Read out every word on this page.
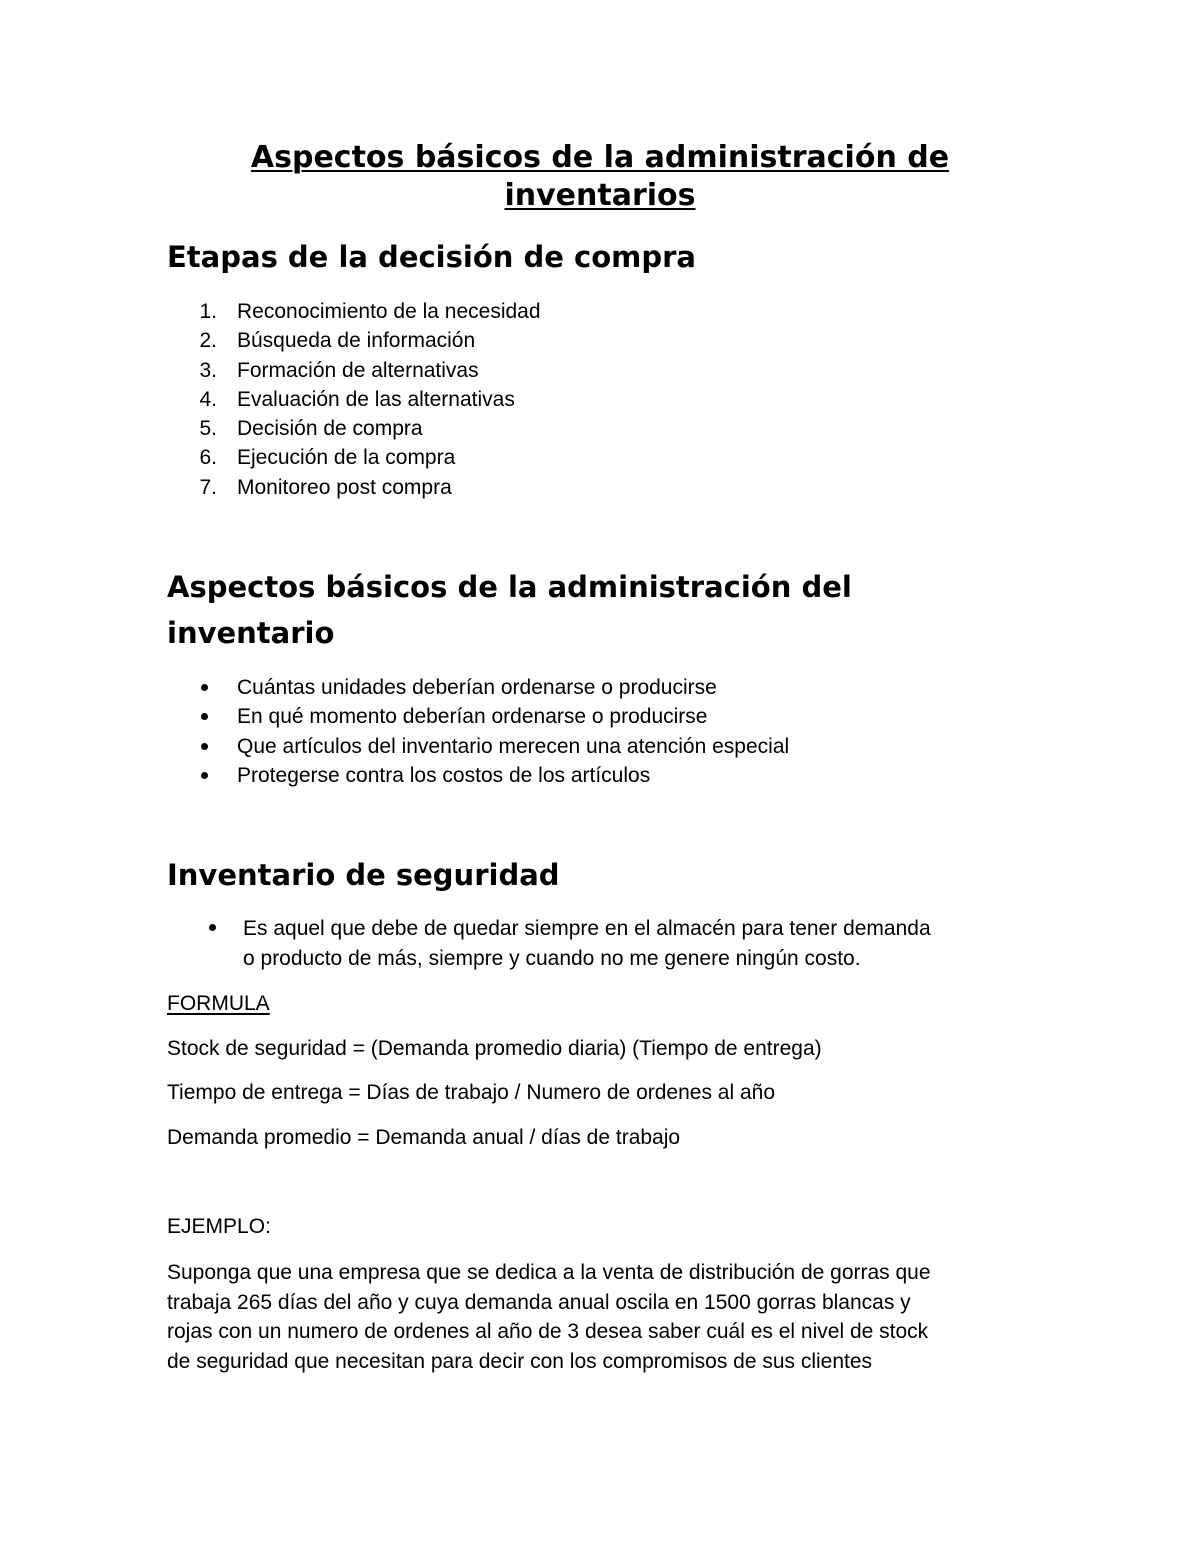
Aspectos básicos de la administración de
inventarios
Etapas de la decisión de compra
1. Reconocimiento de la necesidad
2. Búsqueda de información
3. Formación de alternativas
4. Evaluación de las alternativas
5. Decisión de compra
6. Ejecución de la compra
7. Monitoreo post compra
Aspectos básicos de la administración del
inventario
Cuántas unidades deberían ordenarse o producirse
En qué momento deberían ordenarse o producirse
Que artículos del inventario merecen una atención especial
Protegerse contra los costos de los artículos
Inventario de seguridad

Es aquel que debe de quedar siempre en el almacén para tener demanda

o producto de más, siempre y cuando no me genere ningún costo.

FORMULA

Stock de seguridad = (Demanda promedio diaria) (Tiempo de entrega)

Tiempo de entrega = Días de trabajo / Numero de ordenes al año

Demanda promedio = Demanda anual / días de trabajo

EJEMPLO:

Suponga que una empresa que se dedica a la venta de distribución de gorras que

trabaja 265 días del año y cuya demanda anual oscila en 1500 gorras blancas y

rojas con un numero de ordenes al año de 3 desea saber cuál es el nivel de stock

de seguridad que necesitan para decir con los compromisos de sus clientes
